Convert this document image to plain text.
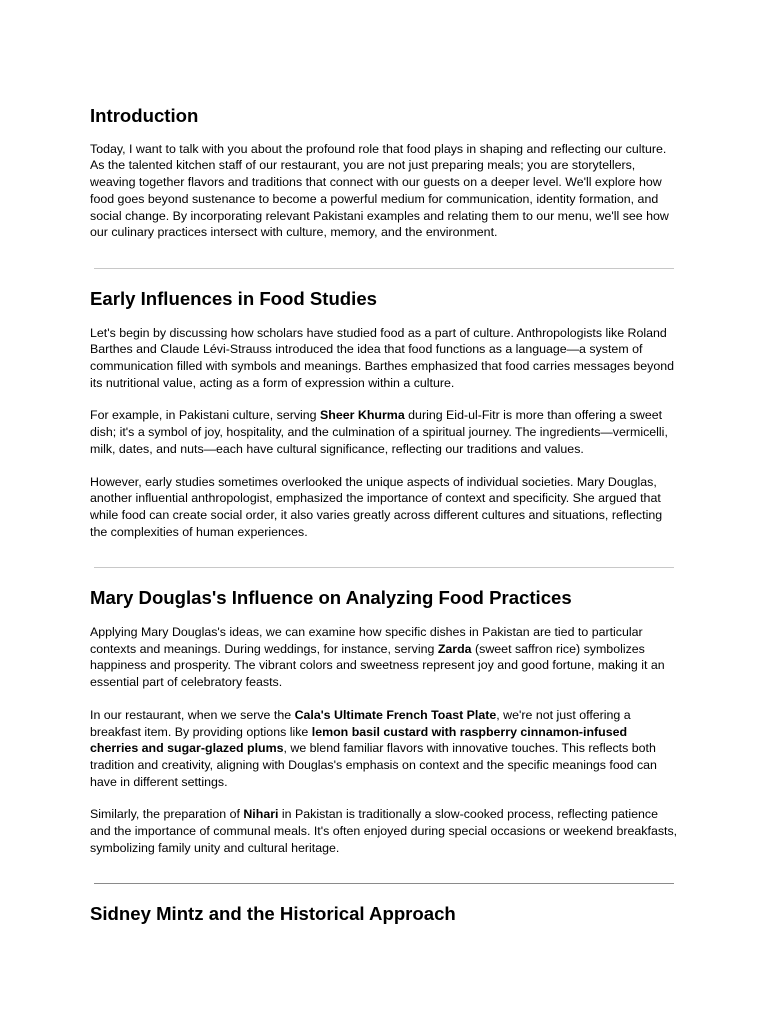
Introduction

Today, I want to talk with you about the profound role that food plays in shaping and reflecting our culture. As the talented kitchen staff of our restaurant, you are not just preparing meals; you are storytellers, weaving together flavors and traditions that connect with our guests on a deeper level. We'll explore how food goes beyond sustenance to become a powerful medium for communication, identity formation, and social change. By incorporating relevant Pakistani examples and relating them to our menu, we'll see how our culinary practices intersect with culture, memory, and the environment.

Early Influences in Food Studies

Let's begin by discussing how scholars have studied food as a part of culture. Anthropologists like Roland Barthes and Claude Lévi-Strauss introduced the idea that food functions as a language—a system of communication filled with symbols and meanings. Barthes emphasized that food carries messages beyond its nutritional value, acting as a form of expression within a culture.

For example, in Pakistani culture, serving Sheer Khurma during Eid-ul-Fitr is more than offering a sweet dish; it's a symbol of joy, hospitality, and the culmination of a spiritual journey. The ingredients—vermicelli, milk, dates, and nuts—each have cultural significance, reflecting our traditions and values.

However, early studies sometimes overlooked the unique aspects of individual societies. Mary Douglas, another influential anthropologist, emphasized the importance of context and specificity. She argued that while food can create social order, it also varies greatly across different cultures and situations, reflecting the complexities of human experiences.

Mary Douglas's Influence on Analyzing Food Practices

Applying Mary Douglas's ideas, we can examine how specific dishes in Pakistan are tied to particular contexts and meanings. During weddings, for instance, serving Zarda (sweet saffron rice) symbolizes happiness and prosperity. The vibrant colors and sweetness represent joy and good fortune, making it an essential part of celebratory feasts.

In our restaurant, when we serve the Cala's Ultimate French Toast Plate, we're not just offering a breakfast item. By providing options like lemon basil custard with raspberry cinnamon-infused cherries and sugar-glazed plums, we blend familiar flavors with innovative touches. This reflects both tradition and creativity, aligning with Douglas's emphasis on context and the specific meanings food can have in different settings.

Similarly, the preparation of Nihari in Pakistan is traditionally a slow-cooked process, reflecting patience and the importance of communal meals. It's often enjoyed during special occasions or weekend breakfasts, symbolizing family unity and cultural heritage.

Sidney Mintz and the Historical Approach
